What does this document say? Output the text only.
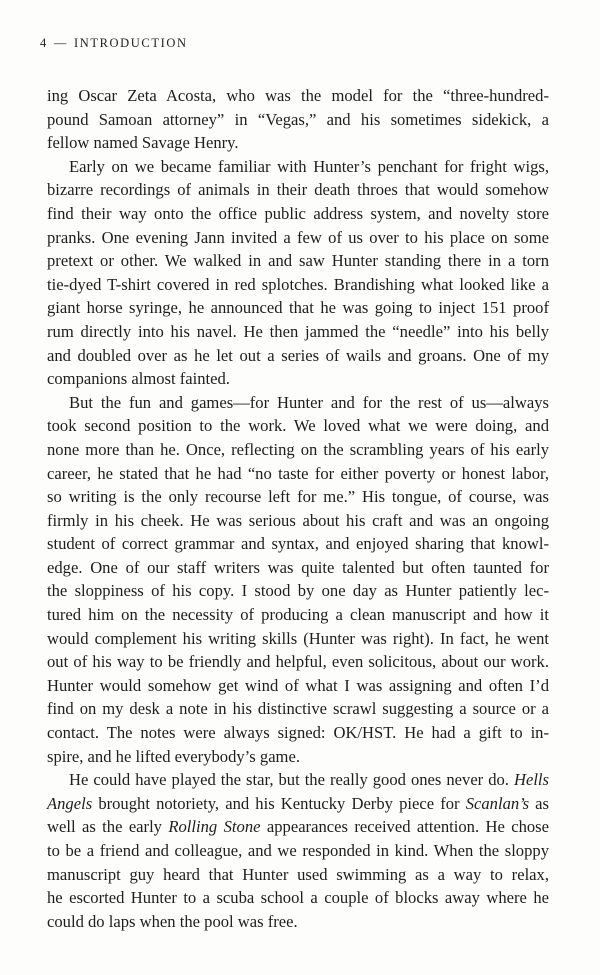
4 — INTRODUCTION
ing Oscar Zeta Acosta, who was the model for the “three-hundred-
pound Samoan attorney” in “Vegas,” and his sometimes sidekick, a
fellow named Savage Henry.
Early on we became familiar with Hunter’s penchant for fright wigs,
bizarre recordings of animals in their death throes that would somehow
find their way onto the office public address system, and novelty store
pranks. One evening Jann invited a few of us over to his place on some
pretext or other. We walked in and saw Hunter standing there in a torn
tie-dyed T-shirt covered in red splotches. Brandishing what looked like a
giant horse syringe, he announced that he was going to inject 151 proof
rum directly into his navel. He then jammed the “needle” into his belly
and doubled over as he let out a series of wails and groans. One of my
companions almost fainted.
But the fun and games—for Hunter and for the rest of us—always
took second position to the work. We loved what we were doing, and
none more than he. Once, reflecting on the scrambling years of his early
career, he stated that he had “no taste for either poverty or honest labor,
so writing is the only recourse left for me.” His tongue, of course, was
firmly in his cheek. He was serious about his craft and was an ongoing
student of correct grammar and syntax, and enjoyed sharing that knowl-
edge. One of our staff writers was quite talented but often taunted for
the sloppiness of his copy. I stood by one day as Hunter patiently lec-
tured him on the necessity of producing a clean manuscript and how it
would complement his writing skills (Hunter was right). In fact, he went
out of his way to be friendly and helpful, even solicitous, about our work.
Hunter would somehow get wind of what I was assigning and often I’d
find on my desk a note in his distinctive scrawl suggesting a source or a
contact. The notes were always signed: OK/HST. He had a gift to in-
spire, and he lifted everybody’s game.
He could have played the star, but the really good ones never do. Hells
Angels brought notoriety, and his Kentucky Derby piece for Scanlan’s as
well as the early Rolling Stone appearances received attention. He chose
to be a friend and colleague, and we responded in kind. When the sloppy
manuscript guy heard that Hunter used swimming as a way to relax,
he escorted Hunter to a scuba school a couple of blocks away where he
could do laps when the pool was free.
